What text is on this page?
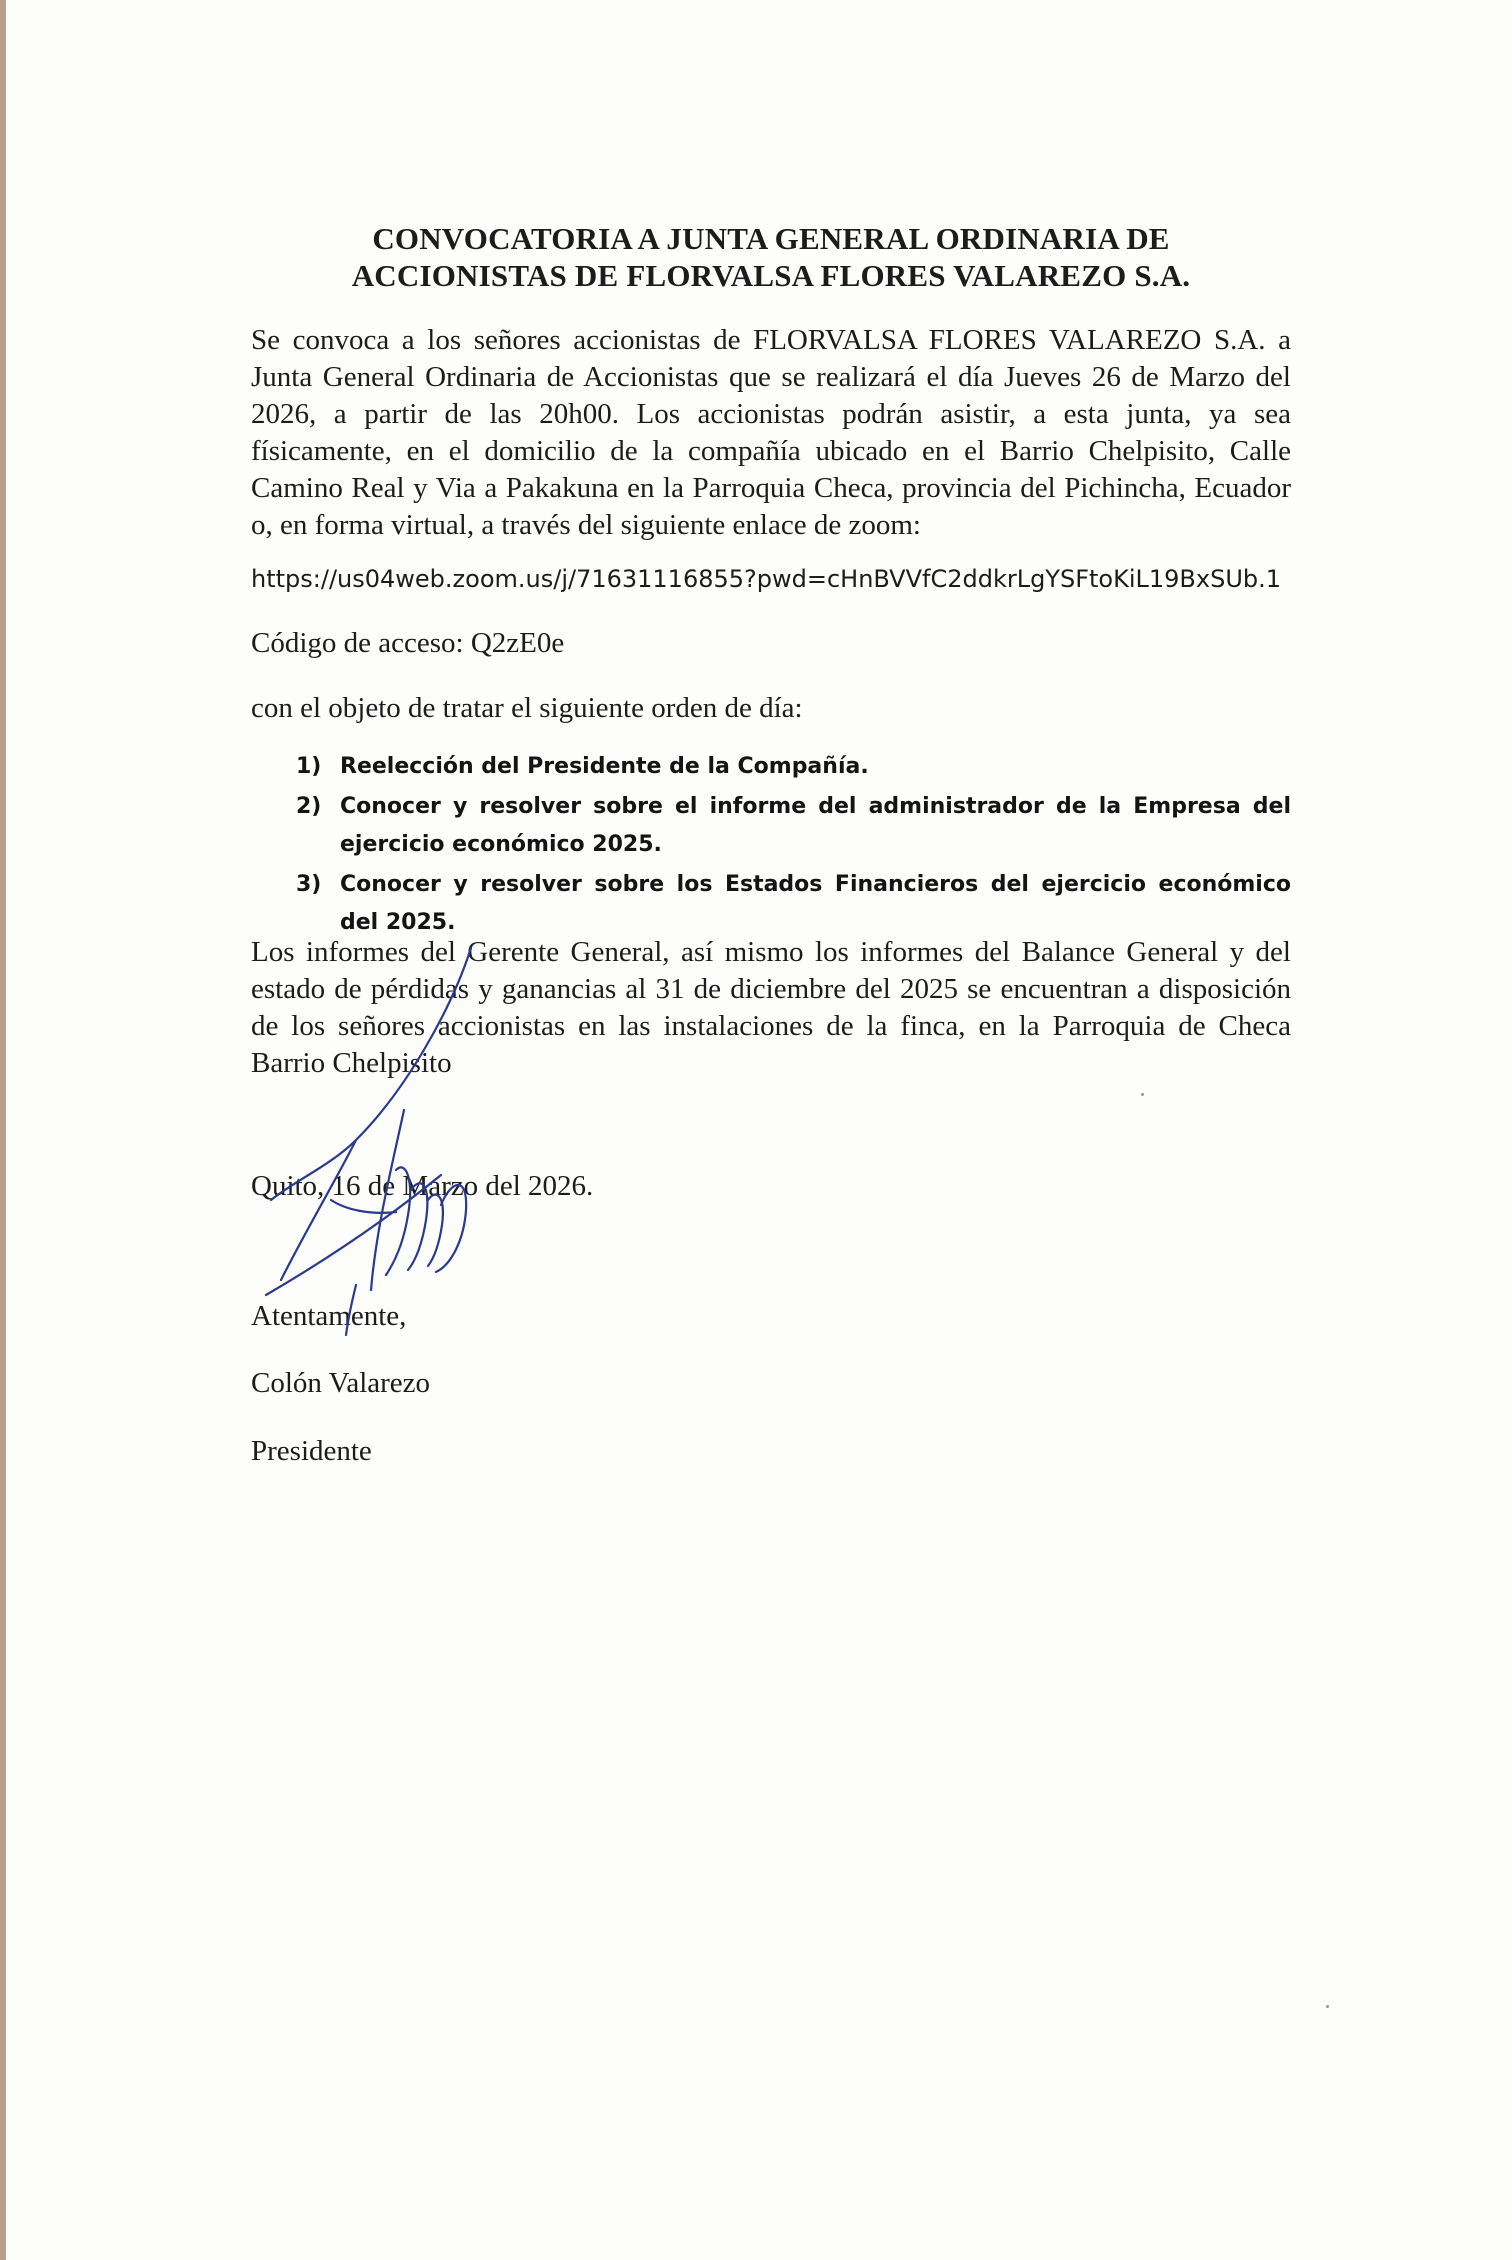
CONVOCATORIA A JUNTA GENERAL ORDINARIA DE
ACCIONISTAS DE FLORVALSA FLORES VALAREZO S.A.

Se convoca a los señores accionistas de FLORVALSA FLORES VALAREZO S.A. a Junta General Ordinaria de Accionistas que se realizará el día Jueves 26 de Marzo del 2026, a partir de las 20h00. Los accionistas podrán asistir, a esta junta, ya sea físicamente, en el domicilio de la compañía ubicado en el Barrio Chelpisito, Calle Camino Real y Via a Pakakuna en la Parroquia Checa, provincia del Pichincha, Ecuador o, en forma virtual, a través del siguiente enlace de zoom:

https://us04web.zoom.us/j/71631116855?pwd=cHnBVVfC2ddkrLgYSFtoKiL19BxSUb.1
Código de acceso: Q2zE0e
con el objeto de tratar el siguiente orden de día:
1) Reelección del Presidente de la Compañía.
2) Conocer y resolver sobre el informe del administrador de la Empresa del ejercicio económico 2025.
3) Conocer y resolver sobre los Estados Financieros del ejercicio económico del 2025.

Los informes del Gerente General, así mismo los informes del Balance General y del estado de pérdidas y ganancias al 31 de diciembre del 2025 se encuentran a disposición de los señores accionistas en las instalaciones de la finca, en la Parroquia de Checa Barrio Chelpisito

Quito, 16 de Marzo del 2026.
Atentamente,
Colón Valarezo
Presidente
